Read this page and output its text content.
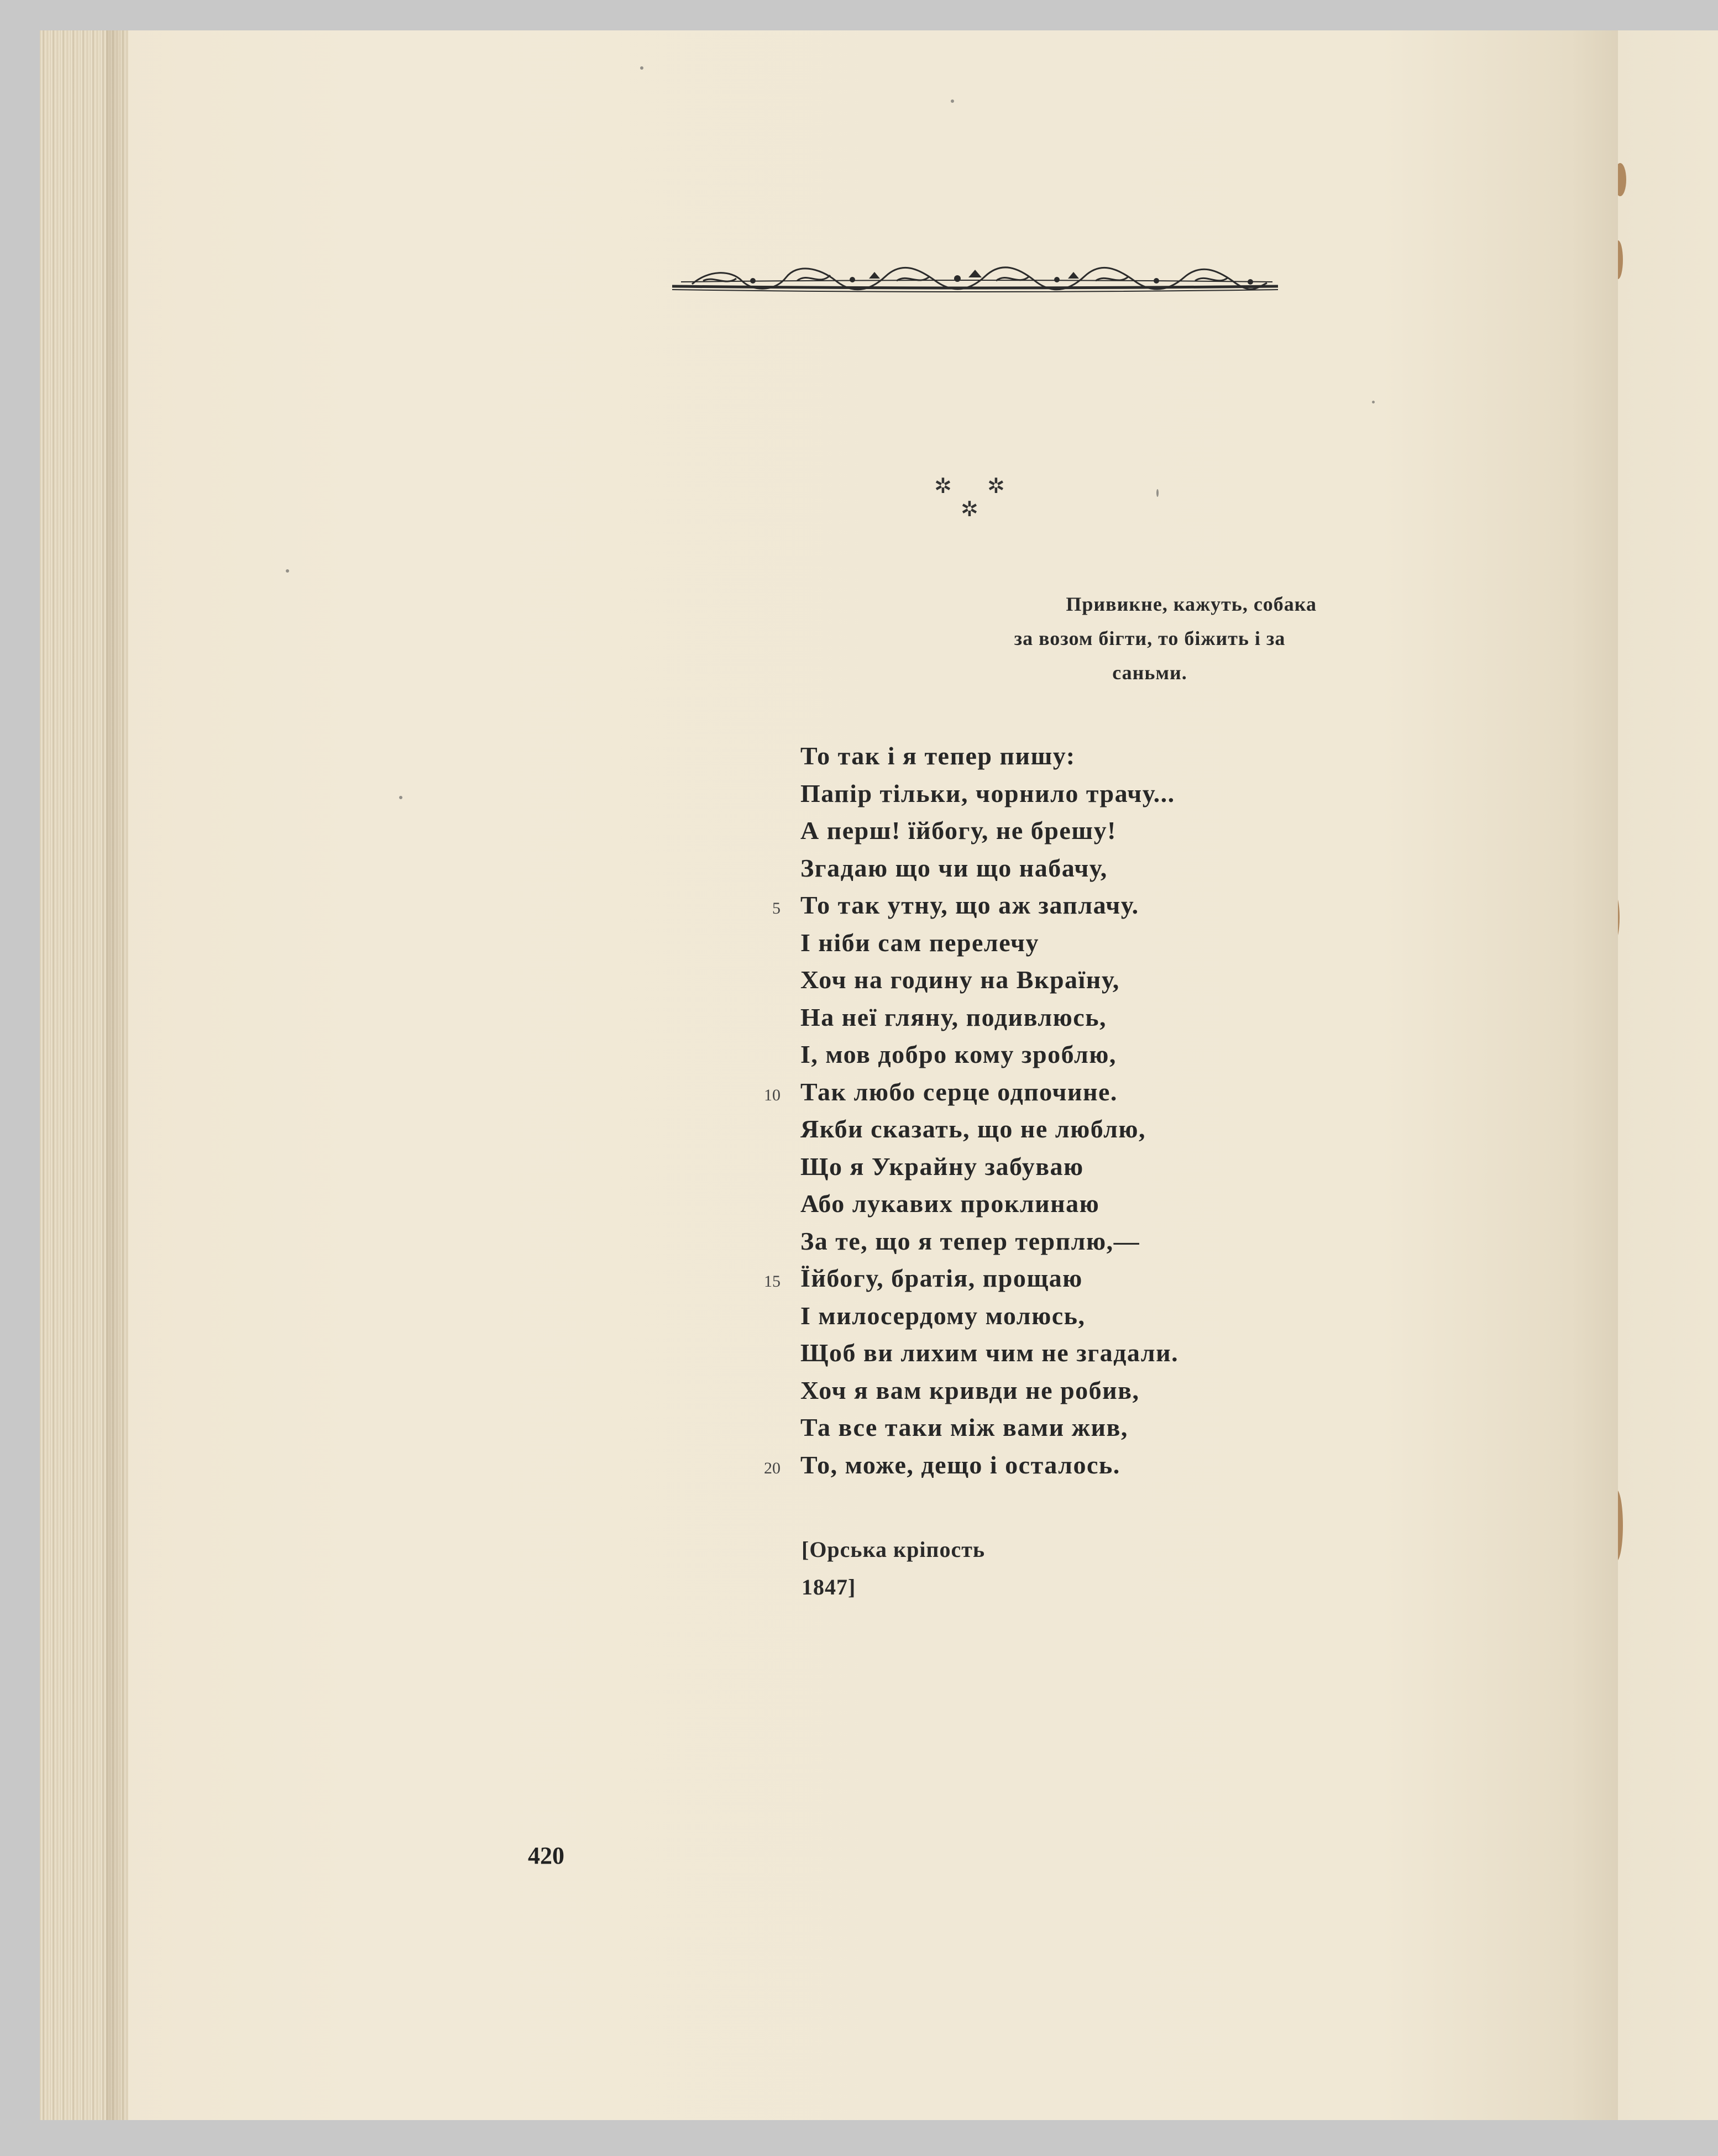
✲ ✲
✲
Привикне, кажуть, собака
за возом бігти, то біжить і за
саньми.
То так і я тепер пишу:
Папір тільки, чорнило трачу...
А перш! їйбогу, не брешу!
Згадаю що чи що набачу,
То так утну, що аж заплачу.
5
І ніби сам перелечу
Хоч на годину на Вкраїну,
На неї гляну, подивлюсь,
І, мов добро кому зроблю,
Так любо серце одпочине.
10
Якби сказать, що не люблю,
Що я Украйну забуваю
Або лукавих проклинаю
За те, що я тепер терплю,—
Їйбогу, братія, прощаю
15
І милосердому молюсь,
Щоб ви лихим чим не згадали.
Хоч я вам кривди не робив,
Та все таки між вами жив,
То, може, дещо і осталось.
20
[Орська кріпость
1847]
420
